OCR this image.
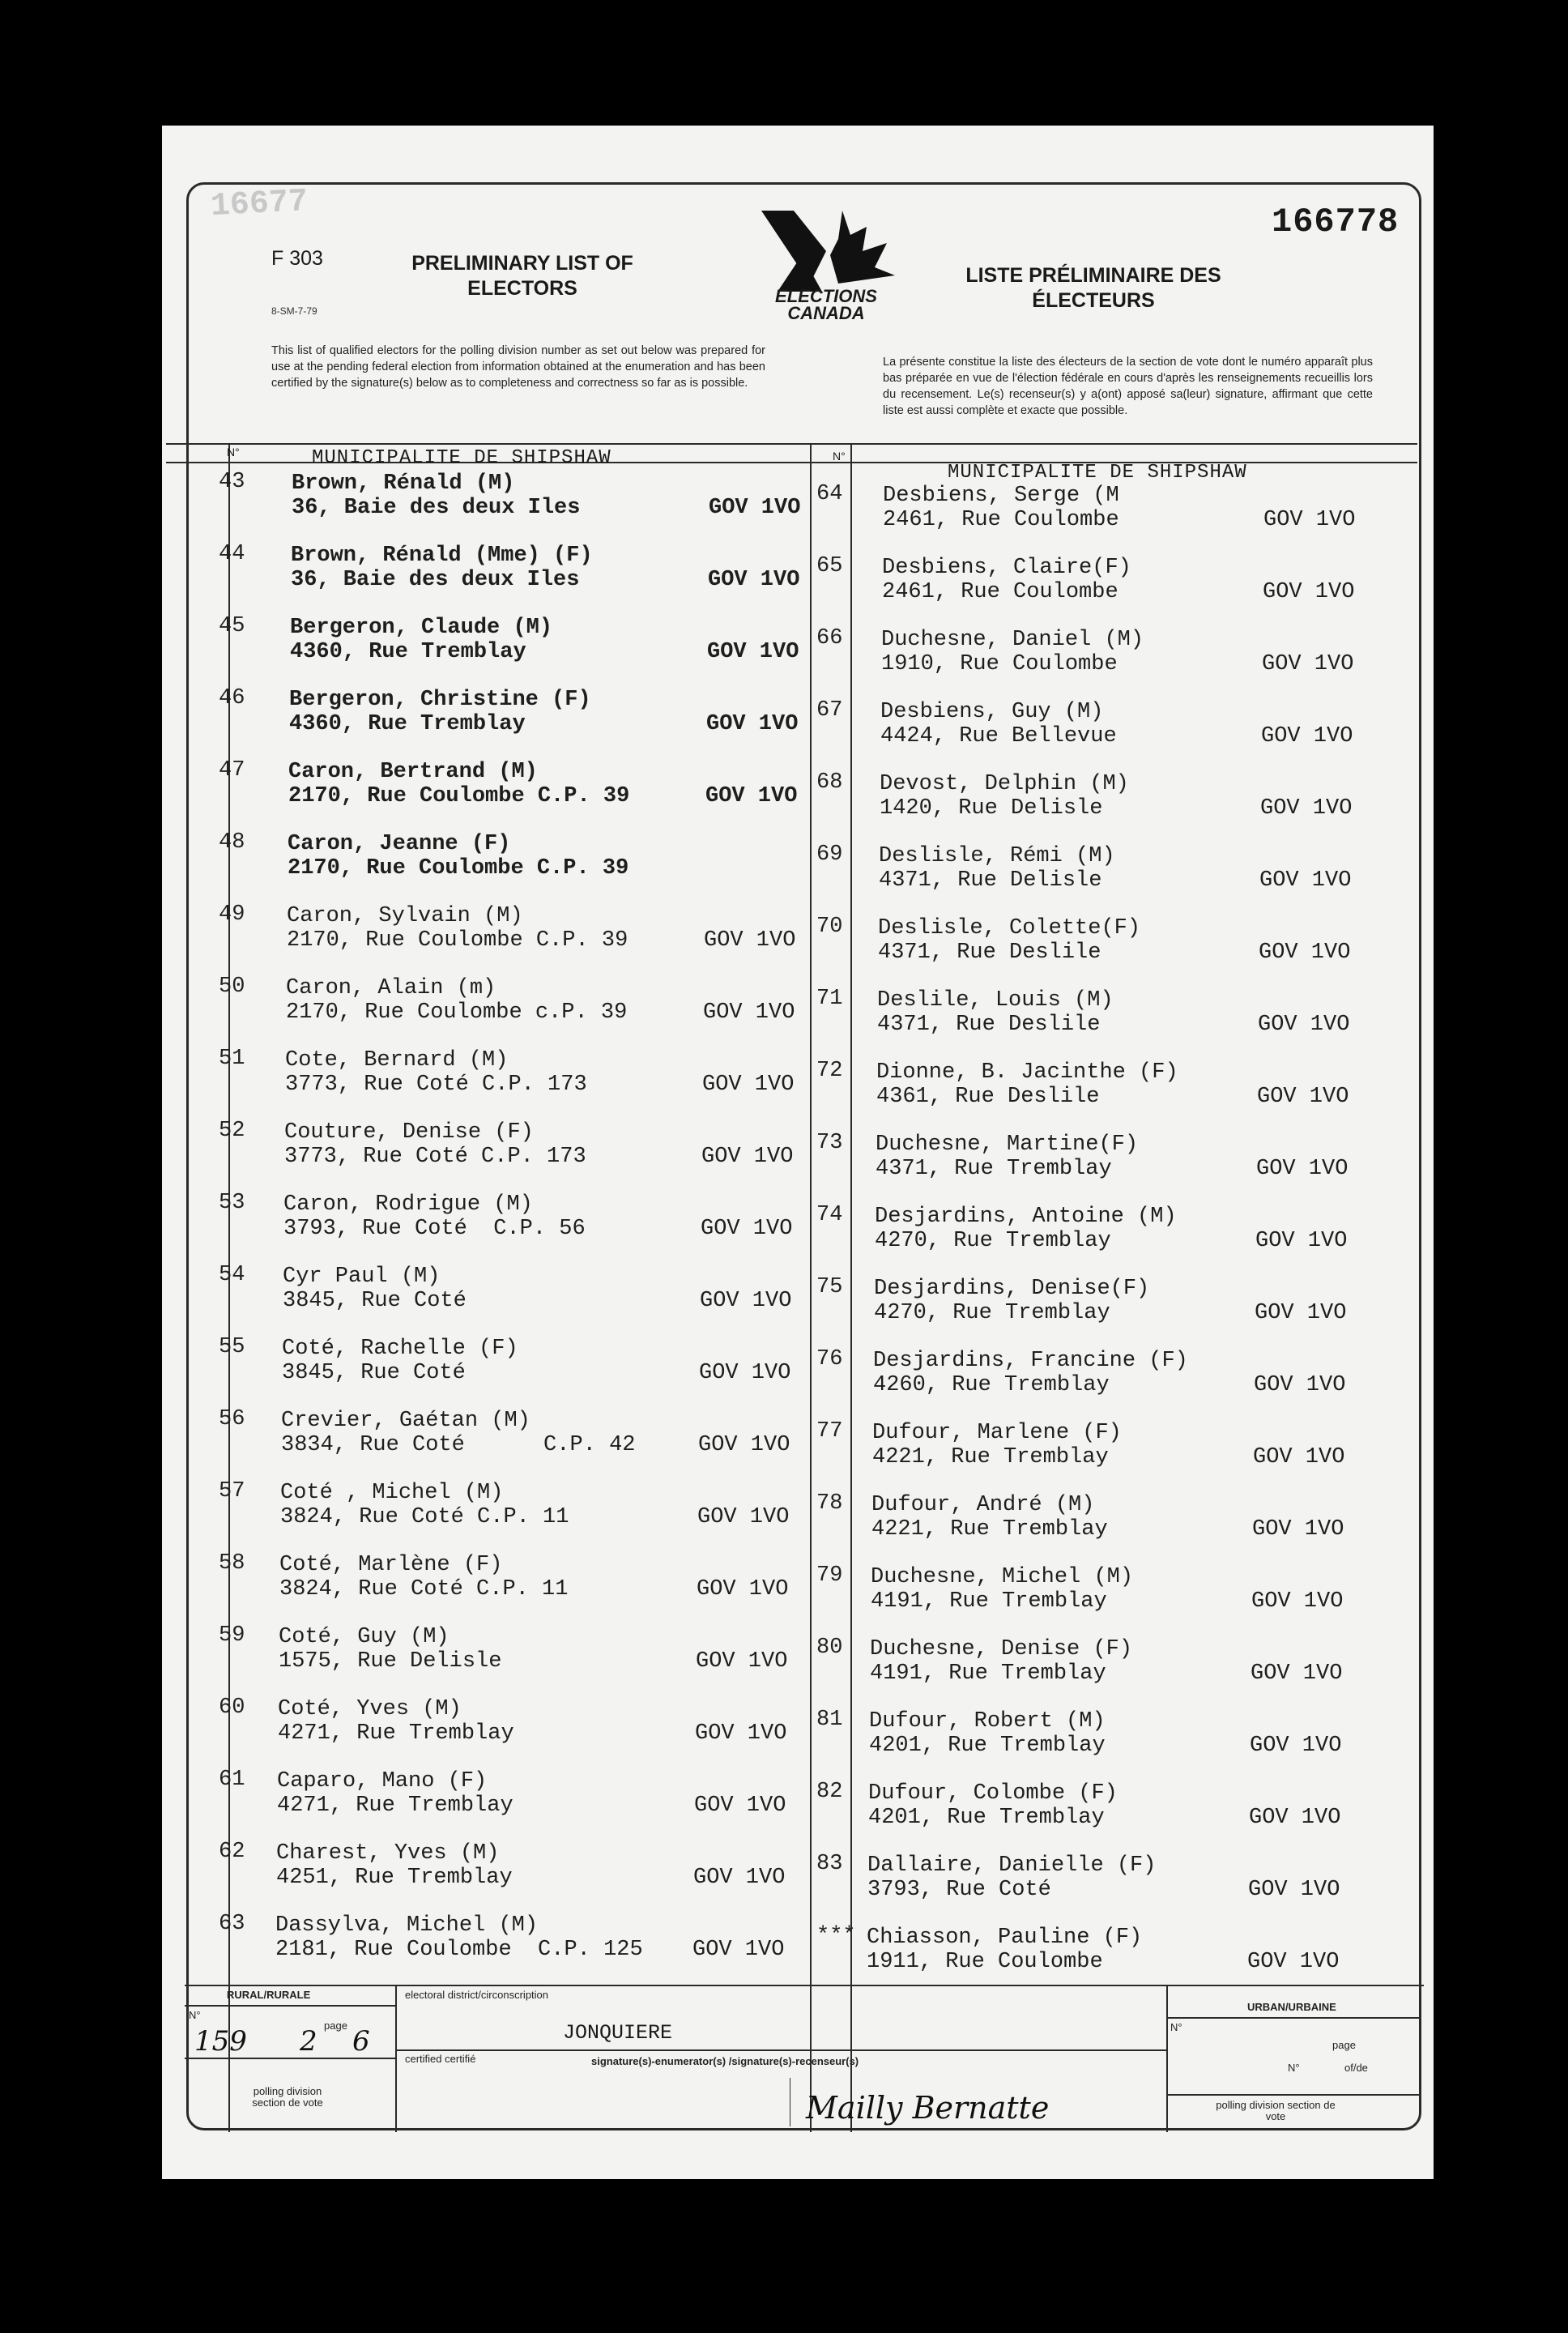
16677	166778
F 303
8-SM-7-79
PRELIMINARY LIST OF ELECTORS
LISTE PRÉLIMINAIRE DES ÉLECTEURS
ELECTIONS
CANADA
This list of qualified electors for the polling division number as set out below was prepared for use at the pending federal election from information obtained at the enumeration and has been certified by the signature(s) below as to completeness and correctness so far as is possible.
La présente constitue la liste des électeurs de la section de vote dont le numéro apparaît plus bas préparée en vue de l'élection fédérale en cours d'après les renseignements recueillis lors du recensement. Le(s) recenseur(s) y a(ont) apposé sa(leur) signature, affirmant que cette liste est aussi complète et exacte que possible.
N°	N°
MUNICIPALITE DE SHIPSHAW
MUNICIPALITE DE SHIPSHAW
43 Brown, Rénald (M)
36, Baie des deux Iles	GOV 1VO
44 Brown, Rénald (Mme) (F)
36, Baie des deux Iles	GOV 1VO
45 Bergeron, Claude (M)
4360, Rue Tremblay	GOV 1VO
46 Bergeron, Christine (F)
4360, Rue Tremblay	GOV 1VO
47 Caron, Bertrand (M)
2170, Rue Coulombe C.P. 39	GOV 1VO
48 Caron, Jeanne (F)
2170, Rue Coulombe C.P. 39
49 Caron, Sylvain (M)
2170, Rue Coulombe C.P. 39	GOV 1VO
50 Caron, Alain (m)
2170, Rue Coulombe c.P. 39	GOV 1VO
51 Cote, Bernard (M)
3773, Rue Coté C.P. 173	GOV 1VO
52 Couture, Denise (F)
3773, Rue Coté C.P. 173	GOV 1VO
53 Caron, Rodrigue (M)
3793, Rue Coté  C.P. 56	GOV 1VO
54 Cyr Paul (M)
3845, Rue Coté	GOV 1VO
55 Coté, Rachelle (F)
3845, Rue Coté	GOV 1VO
56 Crevier, Gaétan (M)
3834, Rue Coté      C.P. 42	GOV 1VO
57 Coté , Michel (M)
3824, Rue Coté C.P. 11	GOV 1VO
58 Coté, Marlène (F)
3824, Rue Coté C.P. 11	GOV 1VO
59 Coté, Guy (M)
1575, Rue Delisle	GOV 1VO
60 Coté, Yves (M)
4271, Rue Tremblay	GOV 1VO
61 Caparo, Mano (F)
4271, Rue Tremblay	GOV 1VO
62 Charest, Yves (M)
4251, Rue Tremblay	GOV 1VO
63 Dassylva, Michel (M)
2181, Rue Coulombe  C.P. 125 GOV 1VO
64 Desbiens, Serge (M
2461, Rue Coulombe	GOV 1VO
65 Desbiens, Claire(F)
2461, Rue Coulombe	GOV 1VO
66 Duchesne, Daniel (M)
1910, Rue Coulombe	GOV 1VO
67 Desbiens, Guy (M)
4424, Rue Bellevue	GOV 1VO
68 Devost, Delphin (M)
1420, Rue Delisle	GOV 1VO
69 Deslisle, Rémi (M)
4371, Rue Delisle	GOV 1VO
70 Deslisle, Colette(F)
4371, Rue Deslile	GOV 1VO
71 Deslile, Louis (M)
4371, Rue Deslile	GOV 1VO
72 Dionne, B. Jacinthe (F)
4361, Rue Deslile	GOV 1VO
73 Duchesne, Martine(F)
4371, Rue Tremblay	GOV 1VO
74 Desjardins, Antoine (M)
4270, Rue Tremblay	GOV 1VO
75 Desjardins, Denise(F)
4270, Rue Tremblay	GOV 1VO
76 Desjardins, Francine (F)
4260, Rue Tremblay	GOV 1VO
77 Dufour, Marlene (F)
4221, Rue Tremblay	GOV 1VO
78 Dufour, André (M)
4221, Rue Tremblay	GOV 1VO
79 Duchesne, Michel (M)
4191, Rue Tremblay	GOV 1VO
80 Duchesne, Denise (F)
4191, Rue Tremblay	GOV 1VO
81 Dufour, Robert (M)
4201, Rue Tremblay	GOV 1VO
82 Dufour, Colombe (F)
4201, Rue Tremblay	GOV 1VO
83 Dallaire, Danielle (F)
3793, Rue Coté	GOV 1VO
*** Chiasson, Pauline (F)
1911, Rue Coulombe	GOV 1VO
RURAL/RURALE
N°
page
159 2 6
polling division section de vote
electoral district/circonscription
JONQUIERE
certified certifié	signature(s)-enumerator(s) /signature(s)-recenseur(s)
Mailly Bernatte
URBAN/URBAINE
N°
page
N°	of/de
polling division section de vote
